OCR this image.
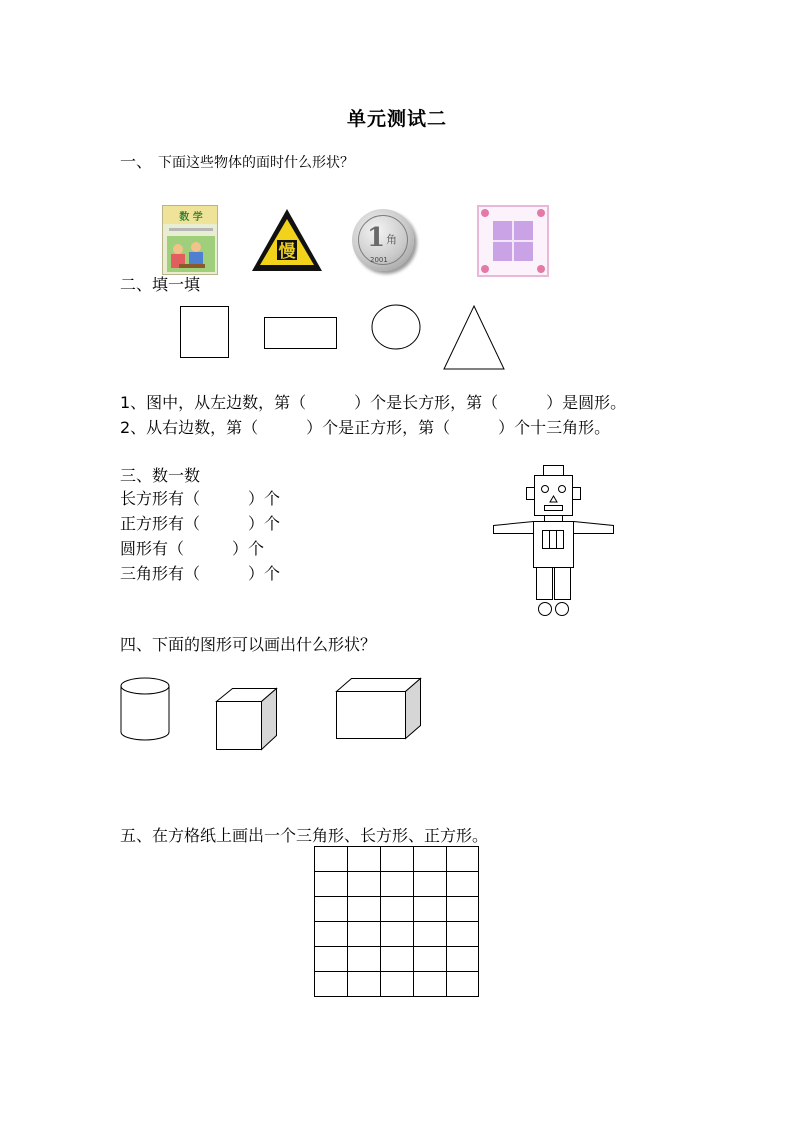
单元测试二
一、 下面这些物体的面时什么形状？
数 学
慢	1 角
2001
二、填一填
1、图中，从左边数，第（　　　）个是长方形，第（　　　）是圆形。
2、从右边数，第（　　　）个是正方形，第（　　　）个十三角形。
三、数一数
长方形有（　　　）个
正方形有（　　　）个
圆形有（　　　）个
三角形有（　　　）个
四、下面的图形可以画出什么形状？
五、在方格纸上画出一个三角形、长方形、正方形。
